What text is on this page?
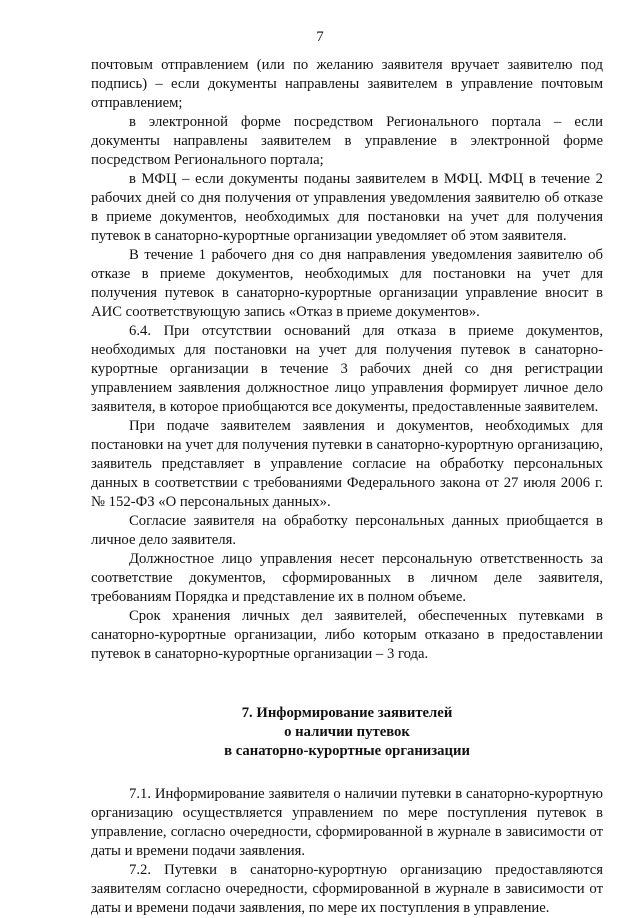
7

почтовым отправлением (или по желанию заявителя вручает заявителю под подпись) – если документы направлены заявителем в управление почтовым отправлением;

в электронной форме посредством Регионального портала – если документы направлены заявителем в управление в электронной форме посредством Регионального портала;

в МФЦ – если документы поданы заявителем в МФЦ. МФЦ в течение 2 рабочих дней со дня получения от управления уведомления заявителю об отказе в приеме документов, необходимых для постановки на учет для получения путевок в санаторно-курортные организации уведомляет об этом заявителя.

В течение 1 рабочего дня со дня направления уведомления заявителю об отказе в приеме документов, необходимых для постановки на учет для получения путевок в санаторно-курортные организации управление вносит в АИС соответствующую запись «Отказ в приеме документов».

6.4. При отсутствии оснований для отказа в приеме документов, необходимых для постановки на учет для получения путевок в санаторно-курортные организации в течение 3 рабочих дней со дня регистрации управлением заявления должностное лицо управления формирует личное дело заявителя, в которое приобщаются все документы, предоставленные заявителем.

При подаче заявителем заявления и документов, необходимых для постановки на учет для получения путевки в санаторно-курортную организацию, заявитель представляет в управление согласие на обработку персональных данных в соответствии с требованиями Федерального закона от 27 июля 2006 г. № 152-ФЗ «О персональных данных».

Согласие заявителя на обработку персональных данных приобщается в личное дело заявителя.

Должностное лицо управления несет персональную ответственность за соответствие документов, сформированных в личном деле заявителя, требованиям Порядка и представление их в полном объеме.

Срок хранения личных дел заявителей, обеспеченных путевками в санаторно-курортные организации, либо которым отказано в предоставлении путевок в санаторно-курортные организации – 3 года.

7. Информирование заявителей
о наличии путевок
в санаторно-курортные организации

7.1. Информирование заявителя о наличии путевки в санаторно-курортную организацию осуществляется управлением по мере поступления путевок в управление, согласно очередности, сформированной в журнале в зависимости от даты и времени подачи заявления.

7.2. Путевки в санаторно-курортную организацию предоставляются заявителям согласно очередности, сформированной в журнале в зависимости от даты и времени подачи заявления, по мере их поступления в управление.
